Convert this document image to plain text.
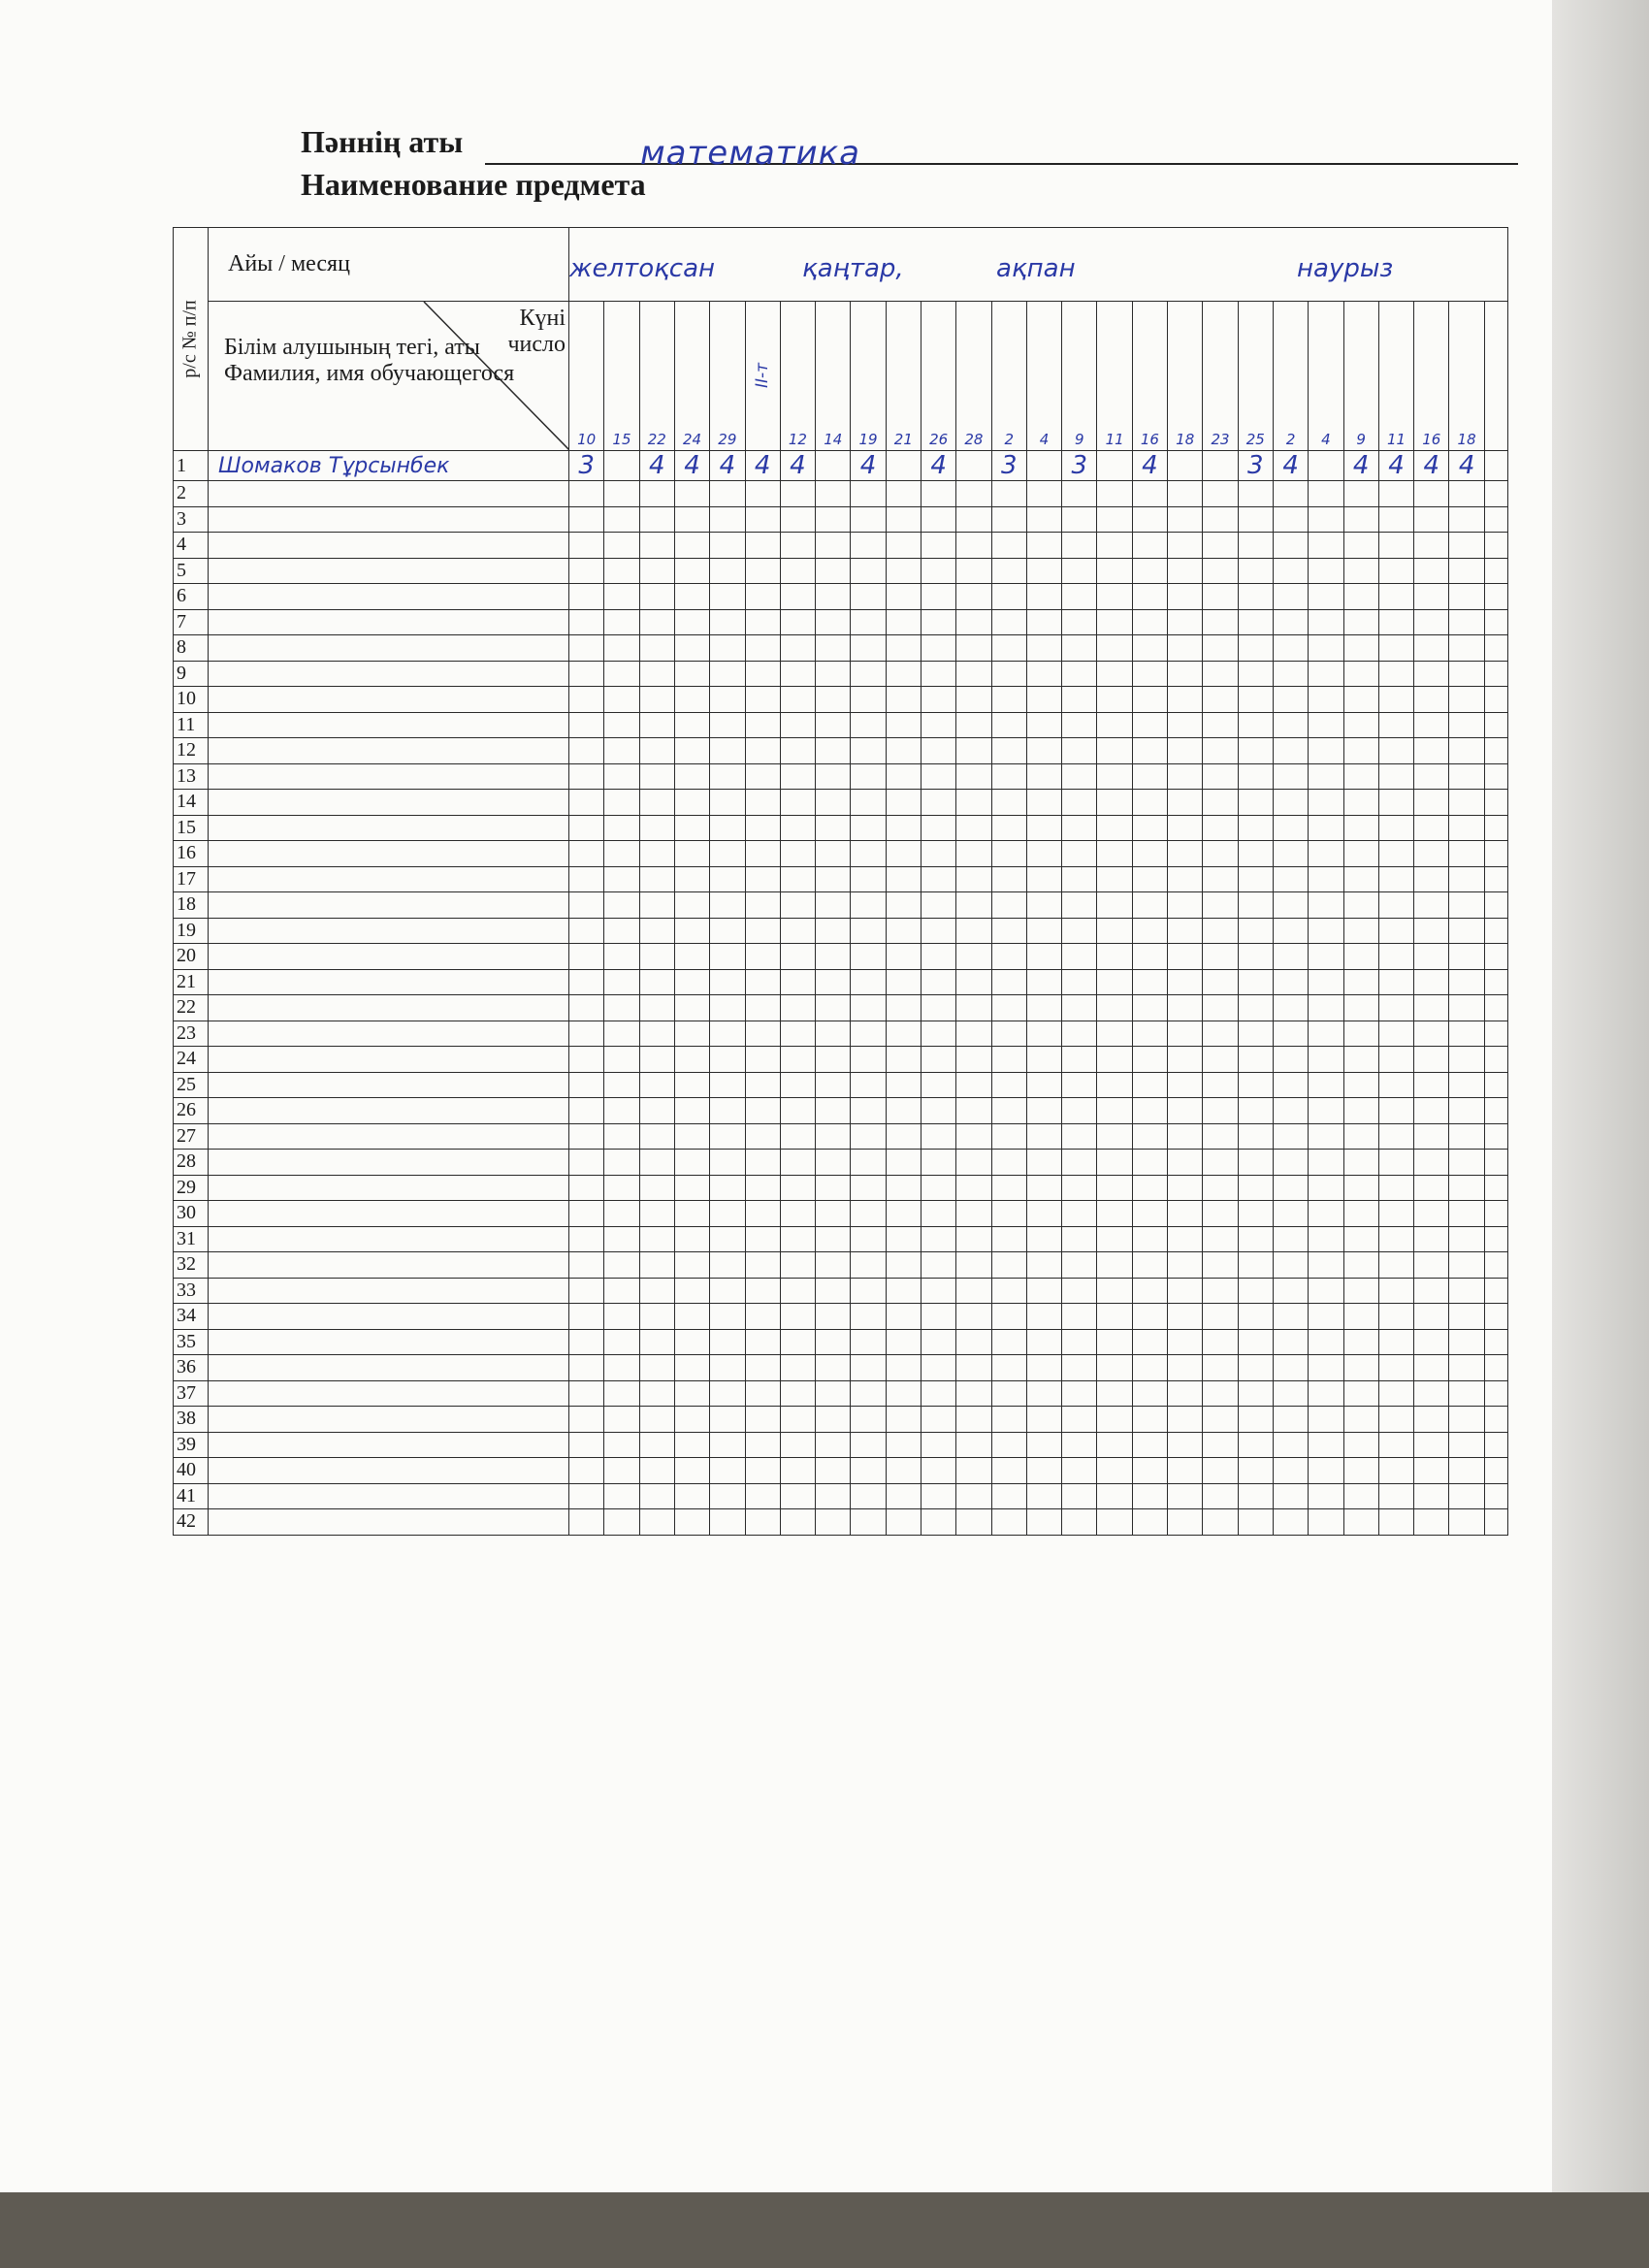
Пәннің аты
Наименование предмета
математика
р/с № п/п	Айы / месяц	желтоқсан қаңтар, ақпан наурыз																										

	Күні
число
Білім алушының тегі, аты
Фамилия, имя обучающегося	10	15	22	24	29	II-т	12	14	19	21	26	28	2	4	9	11	16	18	23	25	2	4	9	11	16	18	
1	Шомаков Тұрсынбек	3		4	4	4	4	4		4		4		3		3		4			3	4		4	4	4	4	
2																												
3																												
4																												
5																												
6																												
7																												
8																												
9																												
10																												
11																												
12																												
13																												
14																												
15																												
16																												
17																												
18																												
19																												
20																												
21																												
22																												
23																												
24																												
25																												
26																												
27																												
28																												
29																												
30																												
31																												
32																												
33																												
34																												
35																												
36																												
37																												
38																												
39																												
40																												
41																												
42																												
